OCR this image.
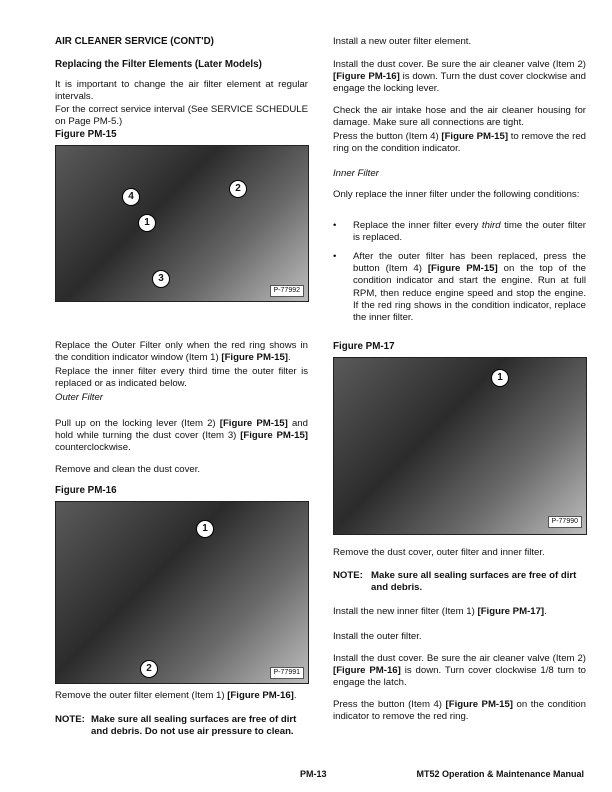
AIR CLEANER SERVICE (CONT'D)

Replacing the Filter Elements (Later Models)

It is important to change the air filter element at regular intervals.

For the correct service interval (See SERVICE SCHEDULE on Page PM-5.)

Figure PM-15

4
1
2
3
P-77992

Replace the Outer Filter only when the red ring shows in the condition indicator window (Item 1) [Figure PM-15].

Replace the inner filter every third time the outer filter is replaced or as indicated below.

Outer Filter

Pull up on the locking lever (Item 2) [Figure PM-15] and hold while turning the dust cover (Item 3) [Figure PM-15] counterclockwise.

Remove and clean the dust cover.

Figure PM-16

1
2	P-77991

Remove the outer filter element (Item 1) [Figure PM-16].

NOTE: Make sure all sealing surfaces are free of dirt and debris. Do not use air pressure to clean.

Install a new outer filter element.

Install the dust cover. Be sure the air cleaner valve (Item 2) [Figure PM-16] is down. Turn the dust cover clockwise and engage the locking lever.

Check the air intake hose and the air cleaner housing for damage. Make sure all connections are tight.

Press the button (Item 4) [Figure PM-15] to remove the red ring on the condition indicator.

Inner Filter

Only replace the inner filter under the following conditions:

•	Replace the inner filter every third time the outer filter is replaced.

•	After the outer filter has been replaced, press the button (Item 4) [Figure PM-15] on the top of the condition indicator and start the engine. Run at full RPM, then reduce engine speed and stop the engine. If the red ring shows in the condition indicator, replace the inner filter.

Figure PM-17

1
P-77990

Remove the dust cover, outer filter and inner filter.

NOTE: Make sure all sealing surfaces are free of dirt and debris.

Install the new inner filter (Item 1) [Figure PM-17].

Install the outer filter.

Install the dust cover. Be sure the air cleaner valve (Item 2) [Figure PM-16] is down. Turn cover clockwise 1/8 turn to engage the latch.

Press the button (Item 4) [Figure PM-15] on the condition indicator to remove the red ring.

PM-13	MT52 Operation & Maintenance Manual
